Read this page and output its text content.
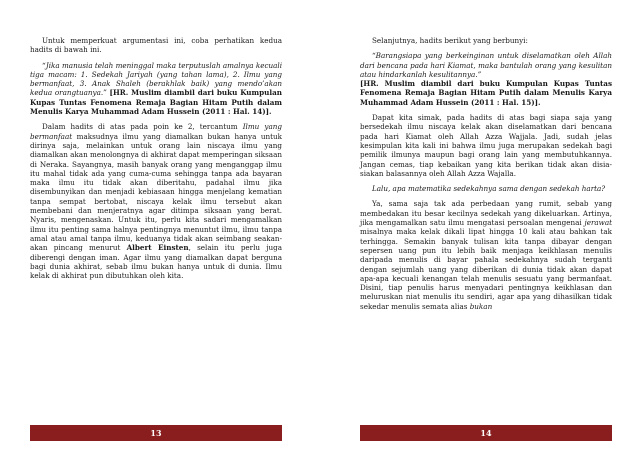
Untuk memperkuat argumentasi ini, coba perhatikan kedua hadits di bawah ini.

“Jika manusia telah meninggal maka terputuslah amalnya kecuali tiga macam: 1. Sedekah Jariyah (yang tahan lama), 2. Ilmu yang bermanfaat, 3. Anak Shaleh (berakhlak baik) yang mendo’akan kedua orangtuanya.” [HR. Muslim diambil dari buku Kumpulan Kupas Tuntas Fenomena Remaja Bagian Hitam Putih dalam Menulis Karya Muhammad Adam Hussein (2011 : Hal. 14)].

Dalam hadits di atas pada poin ke 2, tercantum Ilmu yang bermanfaat maksudnya ilmu yang diamalkan bukan hanya untuk dirinya saja, melainkan untuk orang lain niscaya ilmu yang diamalkan akan menolongnya di akhirat dapat memperingan siksaan di Neraka. Sayangnya, masih banyak orang yang menganggap ilmu itu mahal tidak ada yang cuma-cuma sehingga tanpa ada bayaran maka ilmu itu tidak akan diberitahu, padahal ilmu jika disembunyikan dan menjadi kebiasaan hingga menjelang kematian tanpa sempat bertobat, niscaya kelak ilmu tersebut akan membebani dan menjeratnya agar ditimpa siksaan yang berat. Nyaris, mengenaskan. Untuk itu, perlu kita sadari mengamalkan ilmu itu penting sama halnya pentingnya menuntut ilmu, ilmu tanpa amal atau amal tanpa ilmu, keduanya tidak akan seimbang seakan-akan pincang menurut Albert Einsten, selain itu perlu juga diberengi dengan iman. Agar ilmu yang diamalkan dapat berguna bagi dunia akhirat, sebab ilmu bukan hanya untuk di dunia. Ilmu kelak di akhirat pun dibutuhkan oleh kita.

13

Selanjutnya, hadits berikut yang berbunyi:

“Barangsiapa yang berkeinginan untuk diselamatkan oleh Allah dari bencana pada hari Kiamat, maka bantulah orang yang kesulitan atau hindarkanlah kesulitannya.”
[HR. Muslim diambil dari buku Kumpulan Kupas Tuntas Fenomena Remaja Bagian Hitam Putih dalam Menulis Karya Muhammad Adam Hussein (2011 : Hal. 15)].

Dapat kita simak, pada hadits di atas bagi siapa saja yang bersedekah ilmu niscaya kelak akan diselamatkan dari bencana pada hari Kiamat oleh Allah Azza Wajjala. Jadi, sudah jelas kesimpulan kita kali ini bahwa ilmu juga merupakan sedekah bagi pemilik ilmunya maupun bagi orang lain yang membutuhkannya. Jangan cemas, tiap kebaikan yang kita berikan tidak akan disia-siakan balasannya oleh Allah Azza Wajalla.

Lalu, apa matematika sedekahnya sama dengan sedekah harta?

Ya, sama saja tak ada perbedaan yang rumit, sebab yang membedakan itu besar kecilnya sedekah yang dikeluarkan. Artinya, jika mengamalkan satu ilmu mengatasi persoalan mengenai jerawat misalnya maka kelak dikali lipat hingga 10 kali atau bahkan tak terhingga. Semakin banyak tulisan kita tanpa dibayar dengan sepersen uang pun itu lebih baik menjaga keikhlasan menulis daripada menulis di bayar pahala sedekahnya sudah terganti dengan sejumlah uang yang diberikan di dunia tidak akan dapat apa-apa kecuali kenangan telah menulis sesuatu yang bermanfaat. Disini, tiap penulis harus menyadari pentingnya keikhlasan dan meluruskan niat menulis itu sendiri, agar apa yang dihasilkan tidak sekedar menulis semata alias bukan

14
